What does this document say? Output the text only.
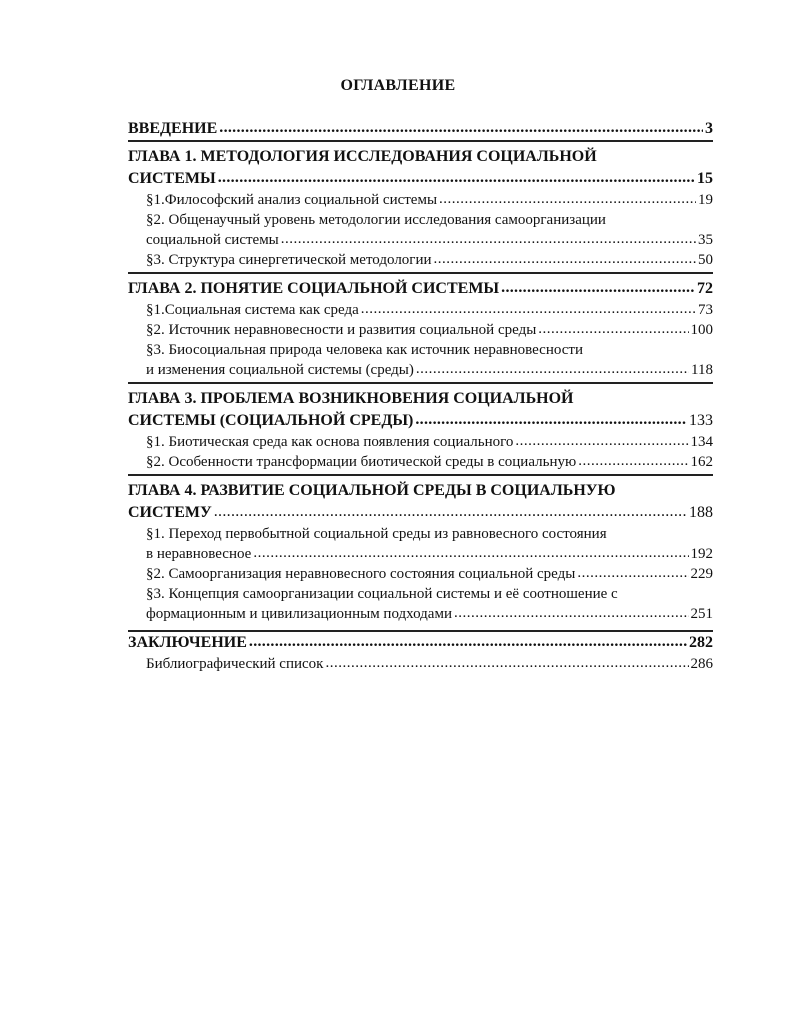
ОГЛАВЛЕНИЕ
ВВЕДЕНИЕ .....	3
ГЛАВА 1. МЕТОДОЛОГИЯ ИССЛЕДОВАНИЯ СОЦИАЛЬНОЙ
СИСТЕМЫ .....	15
§1.Философский анализ социальной системы .....	19
§2. Общенаучный уровень методологии исследования самоорганизации
социальной системы .....	35
§3. Структура синергетической методологии .....	50
ГЛАВА 2. ПОНЯТИЕ СОЦИАЛЬНОЙ СИСТЕМЫ .....	72
§1.Социальная система как среда .....	73
§2. Источник неравновесности и развития социальной среды .....	100
§3. Биосоциальная природа человека как источник неравновесности
и изменения социальной системы (среды) .....	118
ГЛАВА 3. ПРОБЛЕМА ВОЗНИКНОВЕНИЯ СОЦИАЛЬНОЙ
СИСТЕМЫ (СОЦИАЛЬНОЙ СРЕДЫ) .....	133
§1. Биотическая среда как основа появления социального .....	134
§2. Особенности трансформации биотической среды в социальную .....	162
ГЛАВА 4. РАЗВИТИЕ СОЦИАЛЬНОЙ СРЕДЫ В СОЦИАЛЬНУЮ
СИСТЕМУ .....	188
§1. Переход первобытной социальной среды из равновесного состояния
в неравновесное .....	192
§2. Самоорганизация неравновесного состояния социальной среды .....	229
§3. Концепция самоорганизации социальной системы и её соотношение с
формационным и цивилизационным подходами .....	251
ЗАКЛЮЧЕНИЕ .....	282
Библиографический список .....	286
